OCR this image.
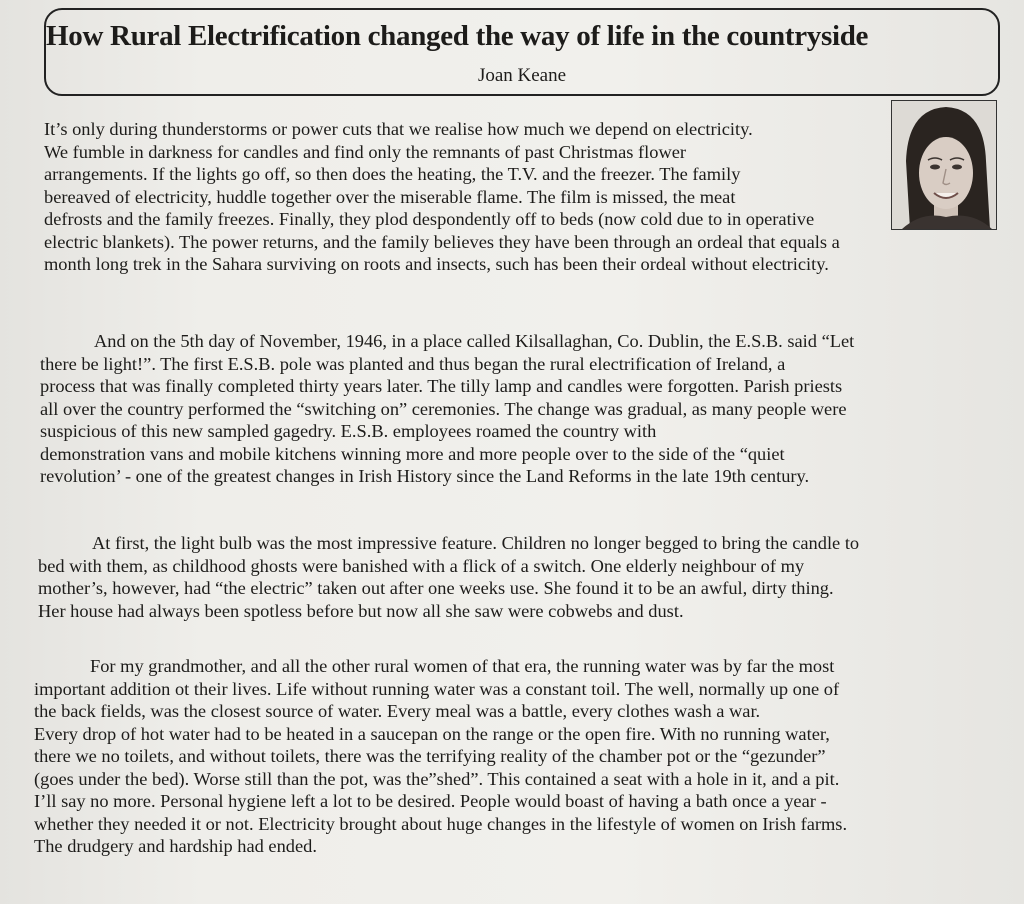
How Rural Electrification changed the way of life in the countryside
Joan Keane
It’s only during thunderstorms or power cuts that we realise how much we depend on electricity.
We fumble in darkness for candles and find only the remnants of past Christmas flower
arrangements. If the lights go off, so then does the heating, the T.V. and the freezer. The family
bereaved of electricity, huddle together over the miserable flame. The film is missed, the meat
defrosts and the family freezes. Finally, they plod despondently off to beds (now cold due to in operative
electric blankets). The power returns, and the family believes they have been through an ordeal that equals a
month long trek in the Sahara surviving on roots and insects, such has been their ordeal without electricity.
And on the 5th day of November, 1946, in a place called Kilsallaghan, Co. Dublin, the E.S.B. said “Let
there be light!”. The first E.S.B. pole was planted and thus began the rural electrification of Ireland, a
process that was finally completed thirty years later. The tilly lamp and candles were forgotten. Parish priests
all over the country performed the “switching on” ceremonies. The change was gradual, as many people were
suspicious of this new sampled gagedry. E.S.B. employees roamed the country with
demonstration vans and mobile kitchens winning more and more people over to the side of the “quiet
revolution’ - one of the greatest changes in Irish History since the Land Reforms in the late 19th century.
At first, the light bulb was the most impressive feature. Children no longer begged to bring the candle to
bed with them, as childhood ghosts were banished with a flick of a switch. One elderly neighbour of my
mother’s, however, had “the electric” taken out after one weeks use. She found it to be an awful, dirty thing.
Her house had always been spotless before but now all she saw were cobwebs and dust.
For my grandmother, and all the other rural women of that era, the running water was by far the most
important addition ot their lives. Life without running water was a constant toil. The well, normally up one of
the back fields, was the closest source of water. Every meal was a battle, every clothes wash a war.
Every drop of hot water had to be heated in a saucepan on the range or the open fire. With no running water,
there we no toilets, and without toilets, there was the terrifying reality of the chamber pot or the “gezunder”
(goes under the bed). Worse still than the pot, was the”shed”. This contained a seat with a hole in it, and a pit.
I’ll say no more. Personal hygiene left a lot to be desired. People would boast of having a bath once a year -
whether they needed it or not. Electricity brought about huge changes in the lifestyle of women on Irish farms.
The drudgery and hardship had ended.
